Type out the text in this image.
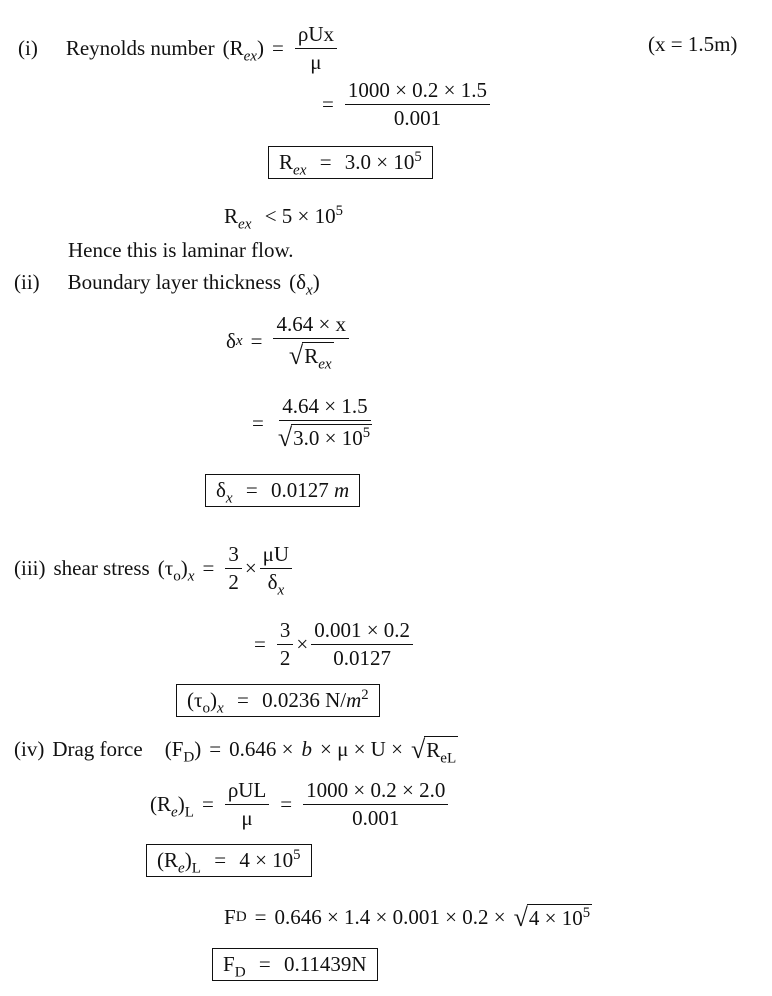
(i) Reynolds number $(R_{ex}) = \frac{\text{ρUx}}{\mu}$	(x = 1.5m)
= $\frac{1000 \times 0.2 \times 1.5}{0.001}$
$R_{ex} = 3.0 \times 10^5$
$R_{ex} < 5 \times 10^5$
Hence this is laminar flow.
(ii) Boundary layer thickness $(\delta_x)$
δ $x = \frac{4.64 \times x}{√ R_{ex}}$
= $\frac{4.64 \times 1.5}{√ 3.0 \times 10^5}$
$\delta_x = 0.0127$ m
(iii) shear stress $(\tau_o)_x = \frac{3}{2} \times \frac{\mu U}{\delta_x}$
= $\frac{3}{2} \times \frac{0.001 \times 0.2}{0.0127}$
$(\tau_o)_x = 0.0236$ $N/m^2$
(iv) Drag force $(F_D) = 0.646 \times b \times \mu \times U$ × √ $R_{eL}$
$(R_e)_L = \frac{\text{ρUL}}{\mu} = \frac{1000 \times 0.2 \times 2.0}{0.001}$
$(R_e)_L = 4 \times 10^5$
F D = 0.646 × 1.4 × 0.001 × 0.2 × √ $4 \times 10^5$
$F_D = 0.11439N$
